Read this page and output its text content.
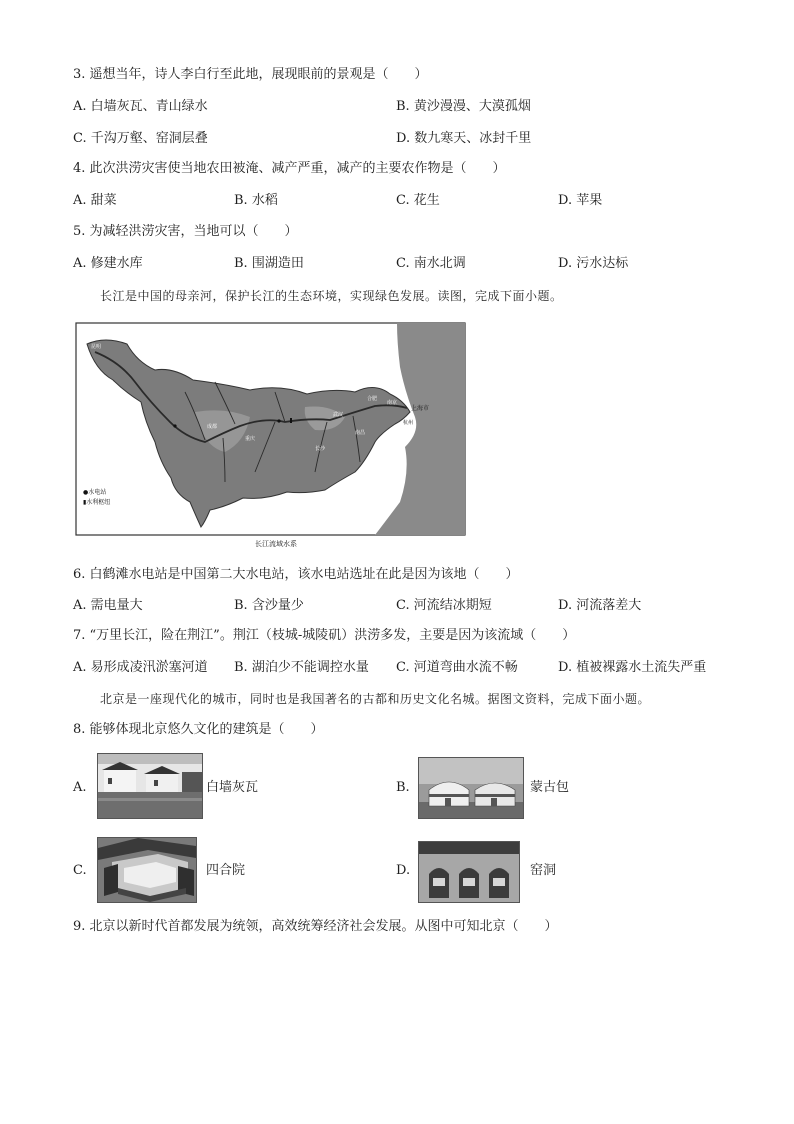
3. 遥想当年，诗人李白行至此地，展现眼前的景观是（　　）
A. 白墙灰瓦、青山绿水	B. 黄沙漫漫、大漠孤烟
C. 千沟万壑、窑洞层叠	D. 数九寒天、冰封千里
4. 此次洪涝灾害使当地农田被淹、减产严重，减产的主要农作物是（　　）
A. 甜菜	B. 水稻	C. 花生	D. 苹果
5. 为减轻洪涝灾害，当地可以（　　）
A. 修建水库	B. 围湖造田	C. 南水北调	D. 污水达标
长江是中国的母亲河，保护长江的生态环境，实现绿色发展。读图，完成下面小题。
昆明
成都
重庆
武汉
南昌
长沙
合肥
南京
上海市
杭州
●水电站
▮水利枢纽
长江流域水系
6. 白鹤滩水电站是中国第二大水电站，该水电站选址在此是因为该地（　　）
A. 需电量大	B. 含沙量少	C. 河流结冰期短	D. 河流落差大
7. “万里长江，险在荆江”。荆江（枝城-城陵矶）洪涝多发，主要是因为该流域（　　）
A. 易形成凌汛淤塞河道 B. 湖泊少不能调控水量 C. 河道弯曲水流不畅	D. 植被裸露水土流失严重
北京是一座现代化的城市，同时也是我国著名的古都和历史文化名城。据图文资料，完成下面小题。
8. 能够体现北京悠久文化的建筑是（　　）
A.	白墙灰瓦	B.	蒙古包
C.	四合院	D.	窑洞
9. 北京以新时代首都发展为统领，高效统筹经济社会发展。从图中可知北京（　　）
